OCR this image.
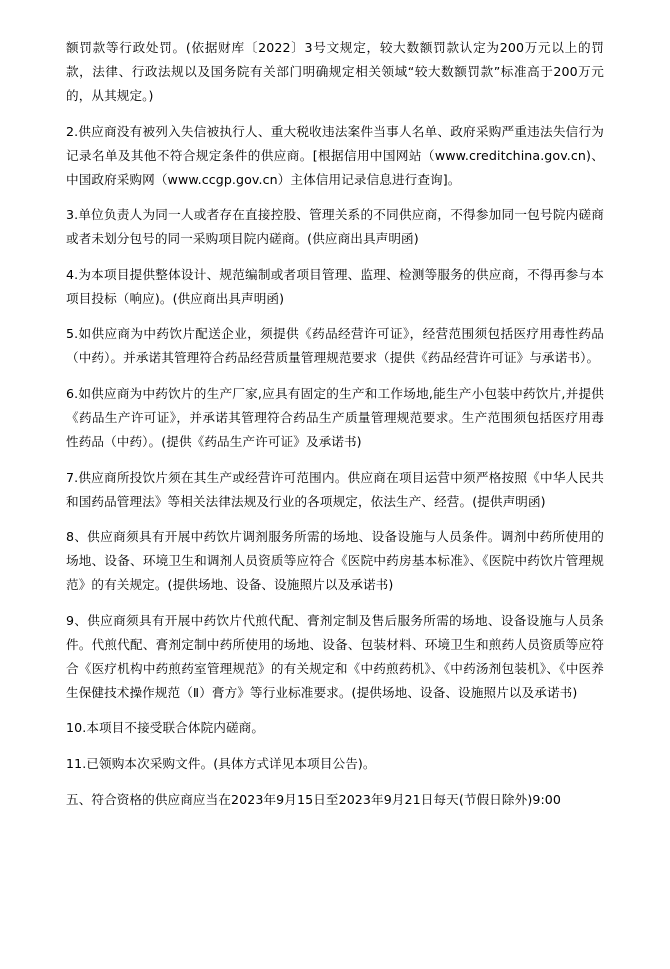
额罚款等行政处罚。(依据财库〔2022〕3号文规定，较大数额罚款认定为200万元以上的罚款，法律、行政法规以及国务院有关部门明确规定相关领域“较大数额罚款”标准高于200万元的，从其规定。)

2.供应商没有被列入失信被执行人、重大税收违法案件当事人名单、政府采购严重违法失信行为记录名单及其他不符合规定条件的供应商。[根据信用中国网站（www.creditchina.gov.cn)、中国政府采购网（www.ccgp.gov.cn）主体信用记录信息进行查询]。

3.单位负责人为同一人或者存在直接控股、管理关系的不同供应商，不得参加同一包号院内磋商或者未划分包号的同一采购项目院内磋商。(供应商出具声明函)

4.为本项目提供整体设计、规范编制或者项目管理、监理、检测等服务的供应商，不得再参与本项目投标（响应)。(供应商出具声明函)

5.如供应商为中药饮片配送企业，须提供《药品经营许可证》，经营范围须包括医疗用毒性药品（中药）。并承诺其管理符合药品经营质量管理规范要求（提供《药品经营许可证》与承诺书）。

6.如供应商为中药饮片的生产厂家,应具有固定的生产和工作场地,能生产小包装中药饮片,并提供《药品生产许可证》，并承诺其管理符合药品生产质量管理规范要求。生产范围须包括医疗用毒性药品（中药）。(提供《药品生产许可证》及承诺书)

7.供应商所投饮片须在其生产或经营许可范围内。供应商在项目运营中须严格按照《中华人民共和国药品管理法》等相关法律法规及行业的各项规定，依法生产、经营。(提供声明函)

8、供应商须具有开展中药饮片调剂服务所需的场地、设备设施与人员条件。调剂中药所使用的场地、设备、环境卫生和调剂人员资质等应符合《医院中药房基本标准》、《医院中药饮片管理规范》的有关规定。(提供场地、设备、设施照片以及承诺书)

9、供应商须具有开展中药饮片代煎代配、膏剂定制及售后服务所需的场地、设备设施与人员条件。代煎代配、膏剂定制中药所使用的场地、设备、包装材料、环境卫生和煎药人员资质等应符合《医疗机构中药煎药室管理规范》的有关规定和《中药煎药机》、《中药汤剂包装机》、《中医养生保健技术操作规范（Ⅱ）膏方》等行业标准要求。(提供场地、设备、设施照片以及承诺书)

10.本项目不接受联合体院内磋商。

11.已领购本次采购文件。(具体方式详见本项目公告)。

五、符合资格的供应商应当在2023年9月15日至2023年9月21日每天(节假日除外)9:00
